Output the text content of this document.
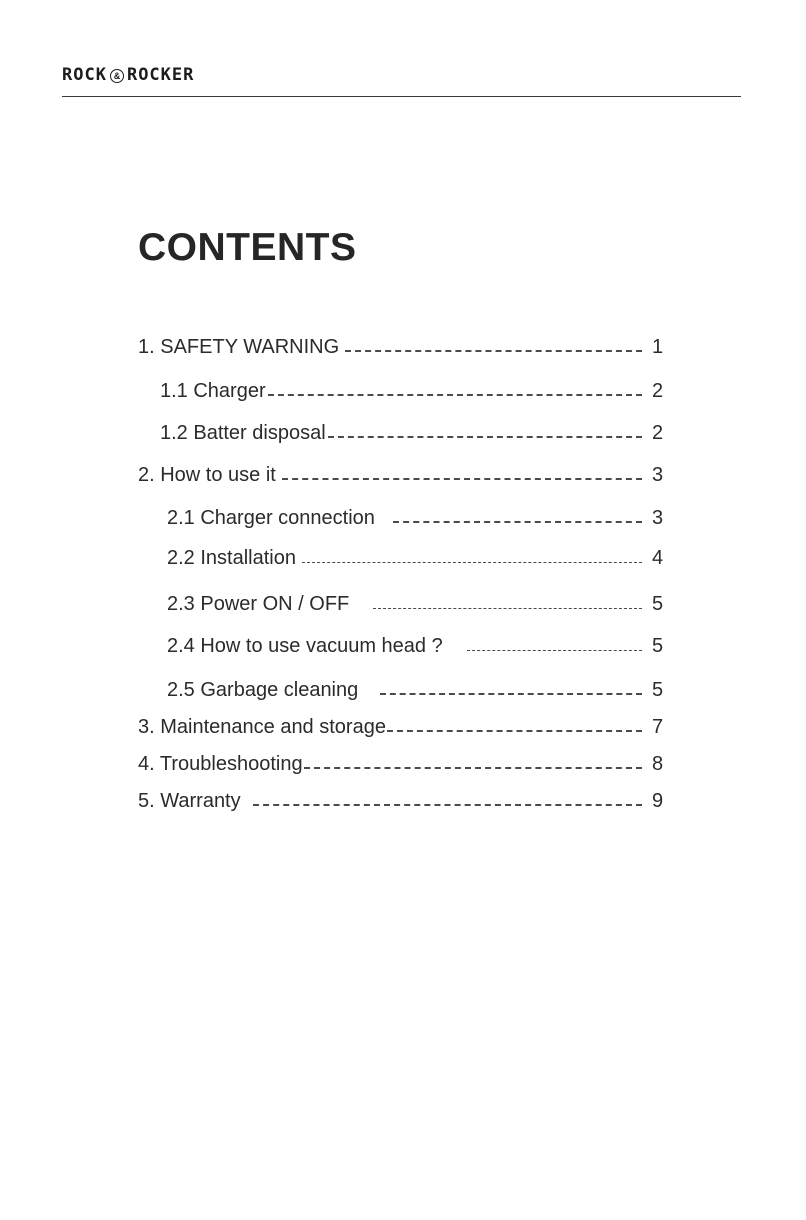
ROCK & ROCKER
CONTENTS
1. SAFETY WARNING	1
1.1 Charger	2
1.2 Batter disposal	2
2. How to use it	3
2.1 Charger connection	3
2.2 Installation	4
2.3 Power ON / OFF	5
2.4 How to use vacuum head ?	5
2.5 Garbage cleaning	5
3. Maintenance and storage	7
4. Troubleshooting	8
5. Warranty	9
